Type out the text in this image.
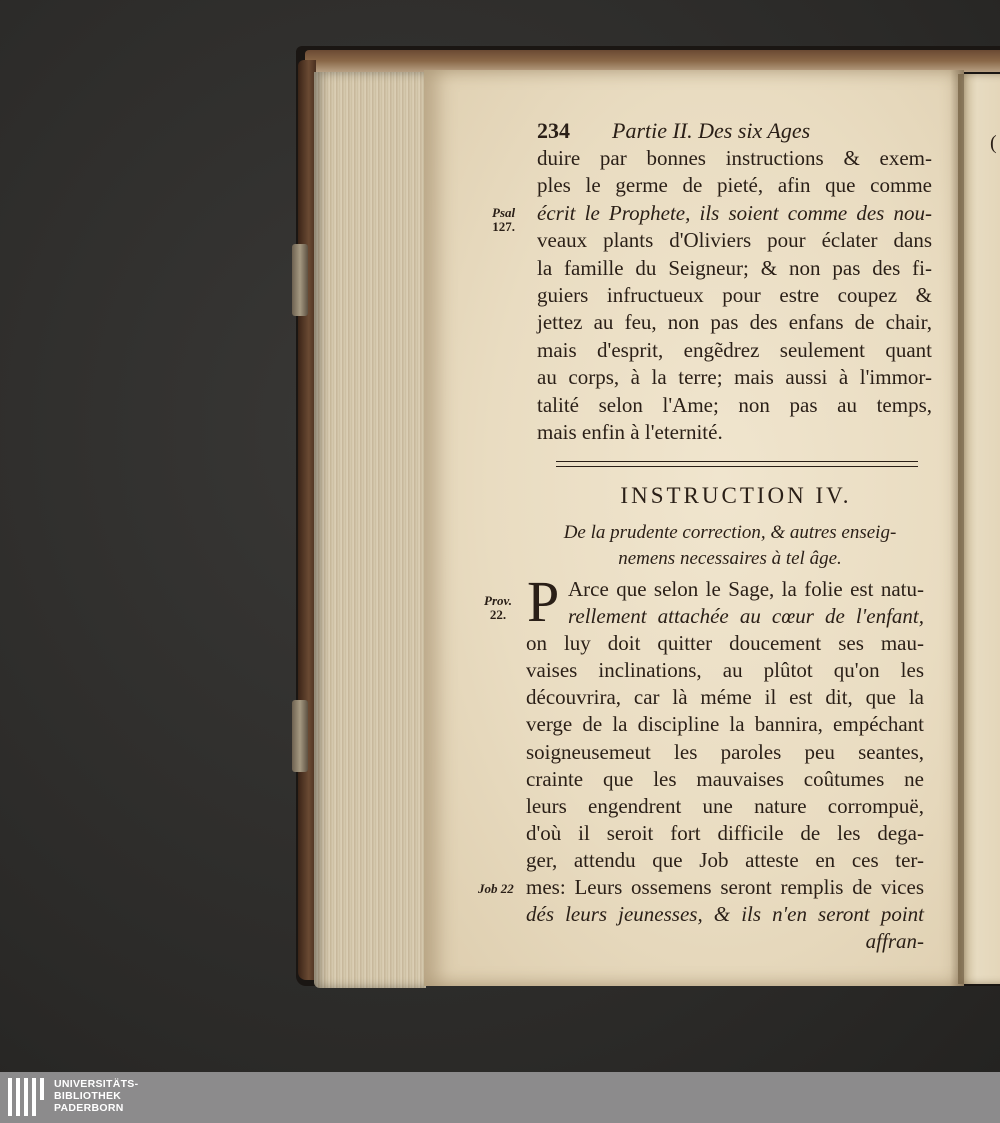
(
234 Partie II. Des six Ages
duire par bonnes instructions & exem-
ples le germe de pieté, afin que comme
écrit le Prophete, ils soient comme des nou-
veaux plants d'Oliviers pour éclater dans
la famille du Seigneur; & non pas des fi-
guiers infructueux pour estre coupez &
jettez au feu, non pas des enfans de chair,
mais d'esprit, engẽdrez seulement quant
au corps, à la terre; mais aussi à l'immor-
talité selon l'Ame; non pas au temps,
mais enfin à l'eternité.
Psal
127.
Prov.
22.
Job 22
INSTRUCTION IV.
De la prudente correction, & autres enseig-
nemens necessaires à tel âge.
P Arce que selon le Sage, la folie est natu-
rellement attachée au cœur de l'enfant,
on luy doit quitter doucement ses mau-
vaises inclinations, au plûtot qu'on les
découvrira, car là méme il est dit, que la
verge de la discipline la bannira, empéchant
soigneusemeut les paroles peu seantes,
crainte que les mauvaises coûtumes ne
leurs engendrent une nature corrompuë,
d'où il seroit fort difficile de les dega-
ger, attendu que Job atteste en ces ter-
mes: Leurs ossemens seront remplis de vices
dés leurs jeunesses, & ils n'en seront point
affran-
UNIVERSITÄTS-
BIBLIOTHEK
PADERBORN
